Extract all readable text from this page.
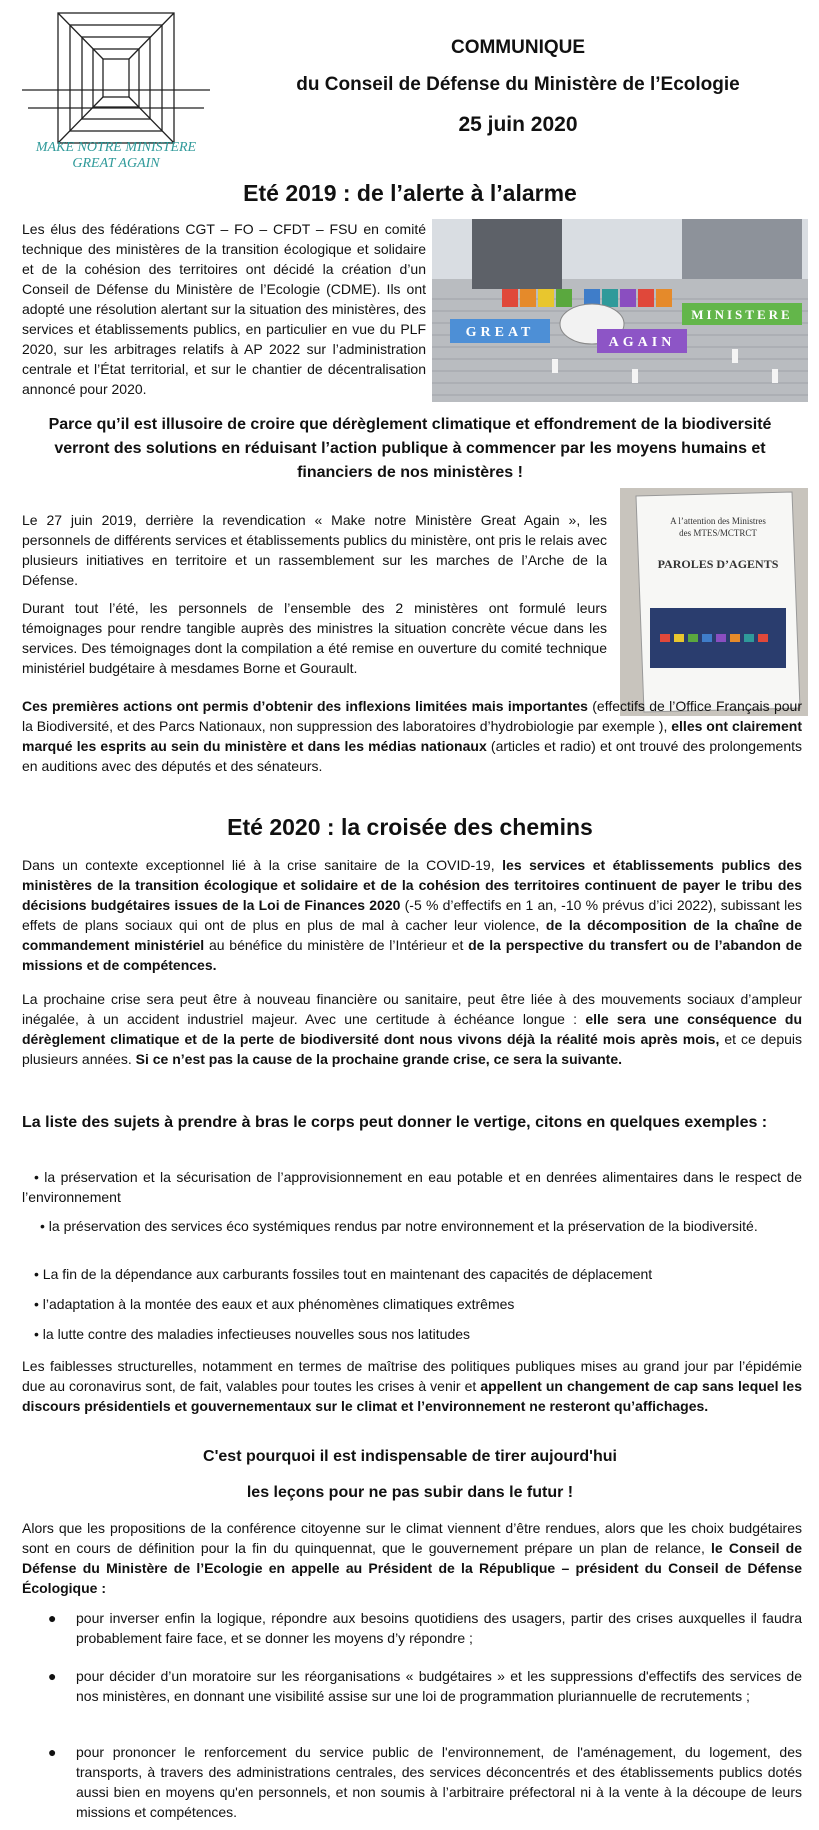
MAKE NOTRE MINISTERE
GREAT AGAIN
COMMUNIQUE
du Conseil de Défense du Ministère de l’Ecologie
25 juin 2020
Eté 2019 : de l’alerte à l’alarme

Les élus des fédérations CGT – FO – CFDT – FSU en comité technique des ministères de la transition écologique et solidaire et de la cohésion des territoires ont décidé la création d’un Conseil de Défense du Ministère de l’Ecologie (CDME). Ils ont adopté une résolution alertant sur la situation des ministères, des services et établissements publics, en particulier en vue du PLF 2020, sur les arbitrages relatifs à AP 2022 sur l’administration centrale et l’État territorial, et sur le chantier de décentralisation annoncé pour 2020.

MINISTERE
GREAT
AGAIN
Parce qu’il est illusoire de croire que dérèglement climatique et effondrement de la biodiversité verront des solutions en réduisant l’action publique à commencer par les moyens humains et financiers de nos ministères !
A l’attention des Ministres
des MTES/MCTRCT
PAROLES D’AGENTS

Le 27 juin 2019, derrière la revendication « Make notre Ministère Great Again », les personnels de différents services et établissements publics du ministère, ont pris le relais avec plusieurs initiatives en territoire et un rassemblement sur les marches de l’Arche de la Défense.

Durant tout l’été, les personnels de l’ensemble des 2 ministères ont formulé leurs témoignages pour rendre tangible auprès des ministres la situation concrète vécue dans les services. Des témoignages dont la compilation a été remise en ouverture du comité technique ministériel budgétaire à mesdames Borne et Gourault.

Ces premières actions ont permis d’obtenir des inflexions limitées mais importantes (effectifs de l’Office Français pour la Biodiversité, et des Parcs Nationaux, non suppression des laboratoires d’hydrobiologie par exemple ), elles ont clairement marqué les esprits au sein du ministère et dans les médias nationaux (articles et radio) et ont trouvé des prolongements en auditions avec des députés et des sénateurs.

Eté 2020 : la croisée des chemins

Dans un contexte exceptionnel lié à la crise sanitaire de la COVID-19, les services et établissements publics des ministères de la transition écologique et solidaire et de la cohésion des territoires continuent de payer le tribu des décisions budgétaires issues de la Loi de Finances 2020 (-5 % d’effectifs en 1 an, -10 % prévus d’ici 2022), subissant les effets de plans sociaux qui ont de plus en plus de mal à cacher leur violence, de la décomposition de la chaîne de commandement ministériel au bénéfice du ministère de l’Intérieur et de la perspective du transfert ou de l’abandon de missions et de compétences.

La prochaine crise sera peut être à nouveau financière ou sanitaire, peut être liée à des mouvements sociaux d’ampleur inégalée, à un accident industriel majeur. Avec une certitude à échéance longue : elle sera une conséquence du dérèglement climatique et de la perte de biodiversité dont nous vivons déjà la réalité mois après mois, et ce depuis plusieurs années. Si ce n’est pas la cause de la prochaine grande crise, ce sera la suivante.

La liste des sujets à prendre à bras le corps peut donner le vertige, citons en quelques exemples :
• la préservation et la sécurisation de l’approvisionnement en eau potable et en denrées alimentaires dans le respect de l’environnement
• la préservation des services éco systémiques rendus par notre environnement et la préservation de la biodiversité.
• La fin de la dépendance aux carburants fossiles tout en maintenant des capacités de déplacement
• l’adaptation à la montée des eaux et aux phénomènes climatiques extrêmes
• la lutte contre des maladies infectieuses nouvelles sous nos latitudes

Les faiblesses structurelles, notamment en termes de maîtrise des politiques publiques mises au grand jour par l’épidémie due au coronavirus sont, de fait, valables pour toutes les crises à venir et appellent un changement de cap sans lequel les discours présidentiels et gouvernementaux sur le climat et l’environnement ne resteront qu’affichages.

C'est pourquoi il est indispensable de tirer aujourd'hui
les leçons pour ne pas subir dans le futur !

Alors que les propositions de la conférence citoyenne sur le climat viennent d’être rendues, alors que les choix budgétaires sont en cours de définition pour la fin du quinquennat, que le gouvernement prépare un plan de relance, le Conseil de Défense du Ministère de l’Ecologie en appelle au Président de la République – président du Conseil de Défense Écologique :

● pour inverser enfin la logique, répondre aux besoins quotidiens des usagers, partir des crises auxquelles il faudra probablement faire face, et se donner les moyens d’y répondre ;
● pour décider d’un moratoire sur les réorganisations « budgétaires » et les suppressions d'effectifs des services de nos ministères, en donnant une visibilité assise sur une loi de programmation pluriannuelle de recrutements ;
● pour prononcer le renforcement du service public de l'environnement, de l'aménagement, du logement, des transports, à travers des administrations centrales, des services déconcentrés et des établissements publics dotés aussi bien en moyens qu'en personnels, et non soumis à l’arbitraire préfectoral ni à la vente à la découpe de leurs missions et compétences.
